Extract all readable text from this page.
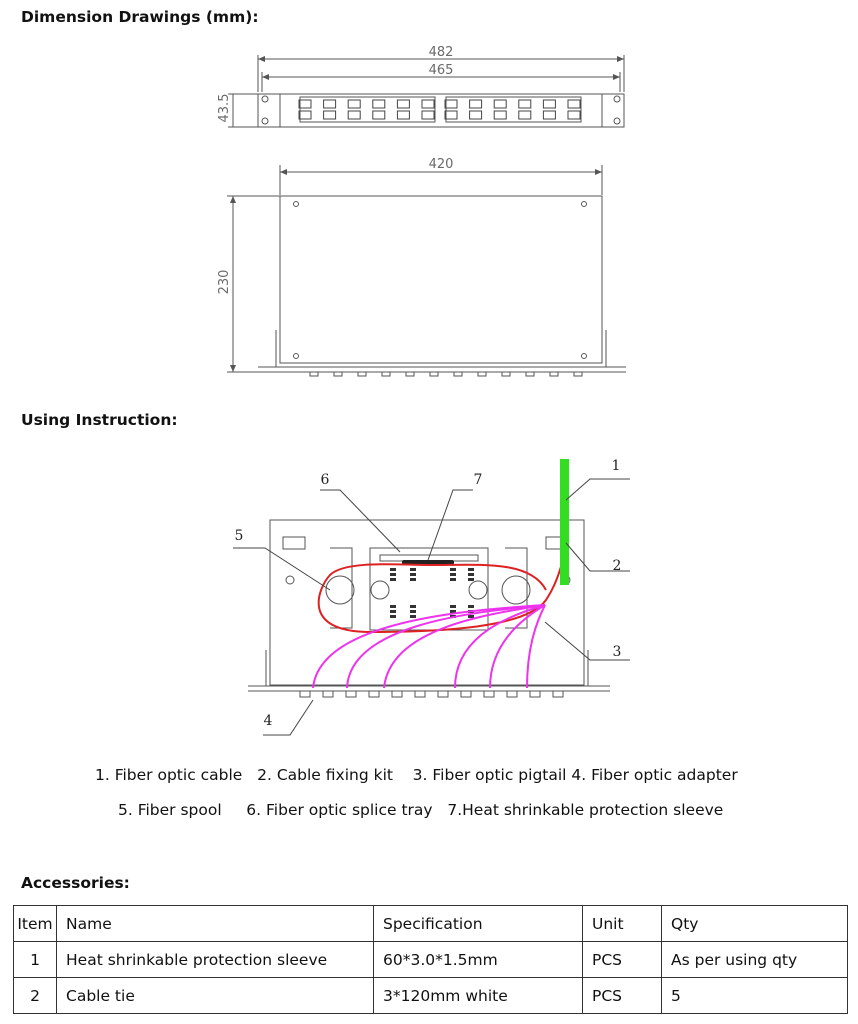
Dimension Drawings (mm):
Using Instruction:
Accessories:
482
465
43.5
420
230
1
2
3
4
5
6	7
1. Fiber optic cable   2. Cable fixing kit    3. Fiber optic pigtail 4. Fiber optic adapter
5. Fiber spool     6. Fiber optic splice tray   7.Heat shrinkable protection sleeve
Item	Name	Specification	Unit	Qty
1	Heat shrinkable protection sleeve	60*3.0*1.5mm	PCS	As per using qty
2	Cable tie	3*120mm white	PCS	5
